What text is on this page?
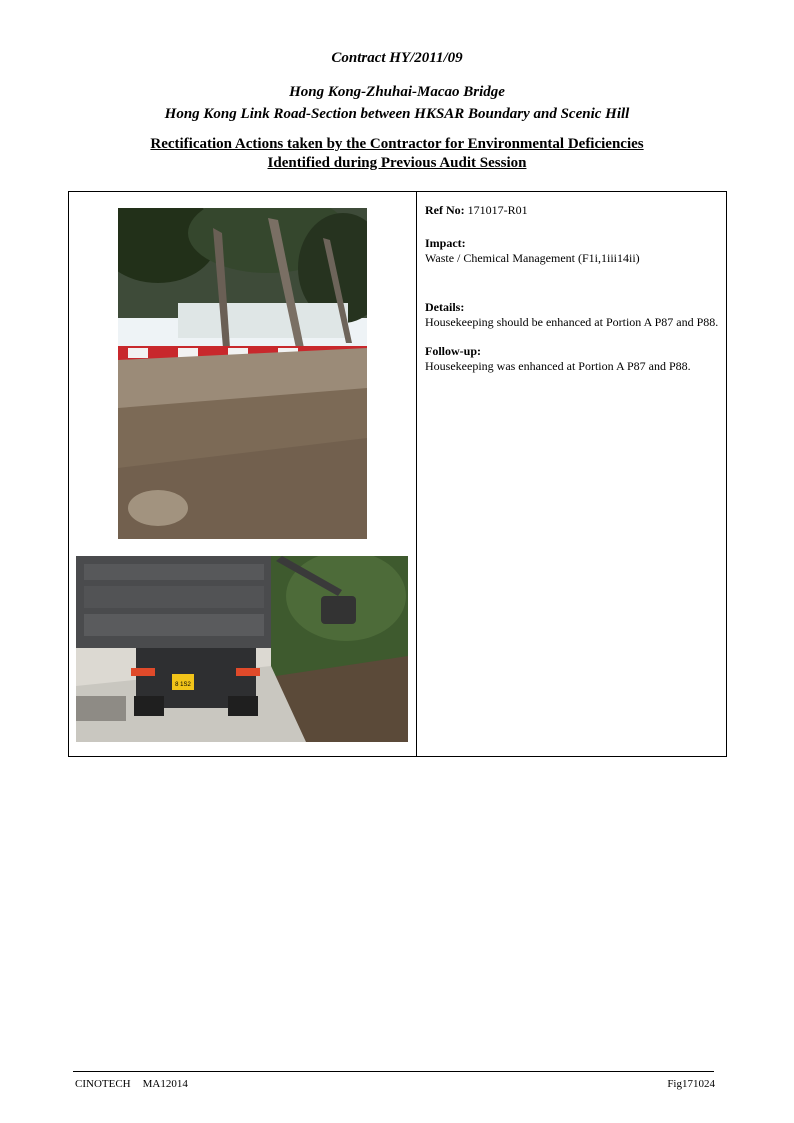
Contract HY/2011/09
Hong Kong-Zhuhai-Macao Bridge
Hong Kong Link Road-Section between HKSAR Boundary and Scenic Hill
Rectification Actions taken by the Contractor for Environmental Deficiencies
Identified during Previous Audit Session
8 1S2
Ref No: 171017-R01
Impact:
Waste / Chemical Management (F1i,1iii14ii)
Details:
Housekeeping should be enhanced at Portion A P87 and P88.
Follow-up:
Housekeeping was enhanced at Portion A P87 and P88.
CINOTECH MA12014	Fig171024
